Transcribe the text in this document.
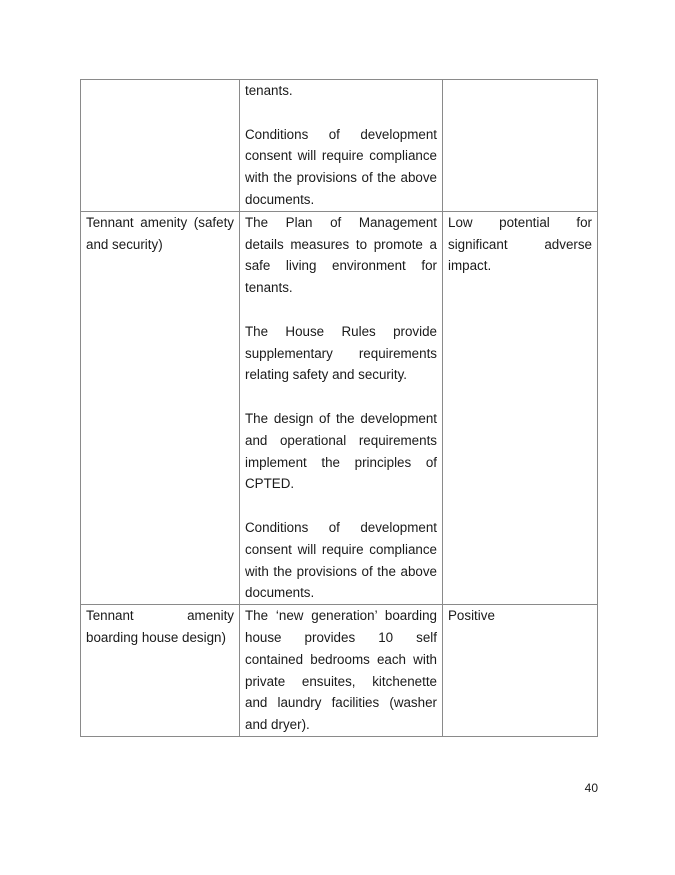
	tenants.

Conditions of development consent will require compliance with the provisions of the above documents.	

Tennant amenity (safety and security)	The Plan of Management details measures to promote a safe living environment for tenants.

The House Rules provide supplementary requirements relating safety and security.

The design of the development and operational requirements implement the principles of CPTED.

Conditions of development consent will require compliance with the provisions of the above documents.	Low potential for significant adverse impact.

Tennant amenity boarding house design)	The ‘new generation’ boarding house provides 10 self contained bedrooms each with private ensuites, kitchenette and laundry facilities (washer and dryer).	Positive

40
